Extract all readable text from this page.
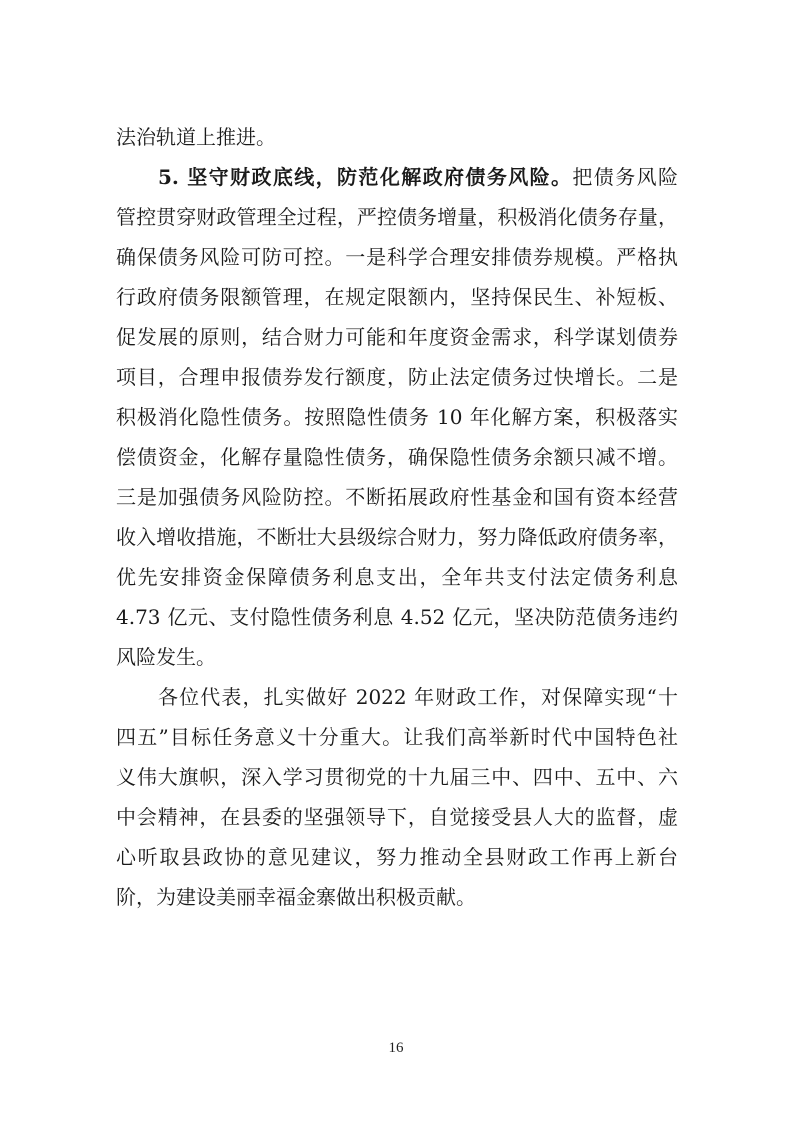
法治轨道上推进。
5. 坚守财政底线，防范化解政府债务风险。把债务风险
管控贯穿财政管理全过程，严控债务增量，积极消化债务存量，
确保债务风险可防可控。一是科学合理安排债券规模。严格执
行政府债务限额管理，在规定限额内，坚持保民生、补短板、
促发展的原则，结合财力可能和年度资金需求，科学谋划债券
项目，合理申报债券发行额度，防止法定债务过快增长。二是
积极消化隐性债务。按照隐性债务 10 年化解方案，积极落实
偿债资金，化解存量隐性债务，确保隐性债务余额只减不增。
三是加强债务风险防控。不断拓展政府性基金和国有资本经营
收入增收措施，不断壮大县级综合财力，努力降低政府债务率，
优先安排资金保障债务利息支出，全年共支付法定债务利息
4.73 亿元、支付隐性债务利息 4.52 亿元，坚决防范债务违约
风险发生。
各位代表，扎实做好 2022 年财政工作，对保障实现“十
四五”目标任务意义十分重大。让我们高举新时代中国特色社
义伟大旗帜，深入学习贯彻党的十九届三中、四中、五中、六
中会精神，在县委的坚强领导下，自觉接受县人大的监督，虚
心听取县政协的意见建议，努力推动全县财政工作再上新台
阶，为建设美丽幸福金寨做出积极贡献。
16
